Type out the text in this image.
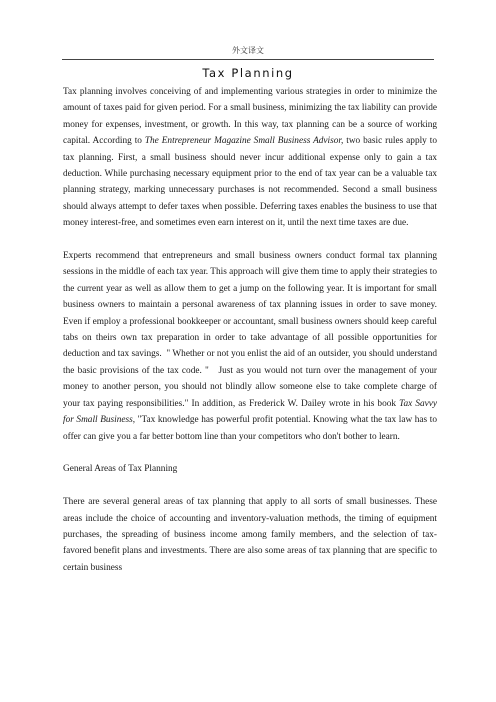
外文译文
Tax Planning

Tax planning involves conceiving of and implementing various strategies in order to minimize the amount of taxes paid for given period. For a small business, minimizing the tax liability can provide money for expenses, investment, or growth. In this way, tax planning can be a source of working capital. According to The Entrepreneur Magazine Small Business Advisor, two basic rules apply to tax planning. First, a small business should never incur additional expense only to gain a tax deduction. While purchasing necessary equipment prior to the end of tax year can be a valuable tax planning strategy, marking unnecessary purchases is not recommended. Second a small business should always attempt to defer taxes when possible. Deferring taxes enables the business to use that money interest-free, and sometimes even earn interest on it, until the next time taxes are due.

Experts recommend that entrepreneurs and small business owners conduct formal tax planning sessions in the middle of each tax year. This approach will give them time to apply their strategies to the current year as well as allow them to get a jump on the following year. It is important for small business owners to maintain a personal awareness of tax planning issues in order to save money. Even if employ a professional bookkeeper or accountant, small business owners should keep careful tabs on theirs own tax preparation in order to take advantage of all possible opportunities for deduction and tax savings.  " Whether or not you enlist the aid of an outsider, you should understand the basic provisions of the tax code. "   Just as you would not turn over the management of your money to another person, you should not blindly allow someone else to take complete charge of your tax paying responsibilities." In addition, as Frederick W. Dailey wrote in his book Tax Savvy for Small Business, "Tax knowledge has powerful profit potential. Knowing what the tax law has to offer can give you a far better bottom line than your competitors who don't bother to learn.

General Areas of Tax Planning

There are several general areas of tax planning that apply to all sorts of small businesses. These areas include the choice of accounting and inventory-valuation methods, the timing of equipment purchases, the spreading of business income among family members, and the selection of tax-favored benefit plans and investments. There are also some areas of tax planning that are specific to certain business
